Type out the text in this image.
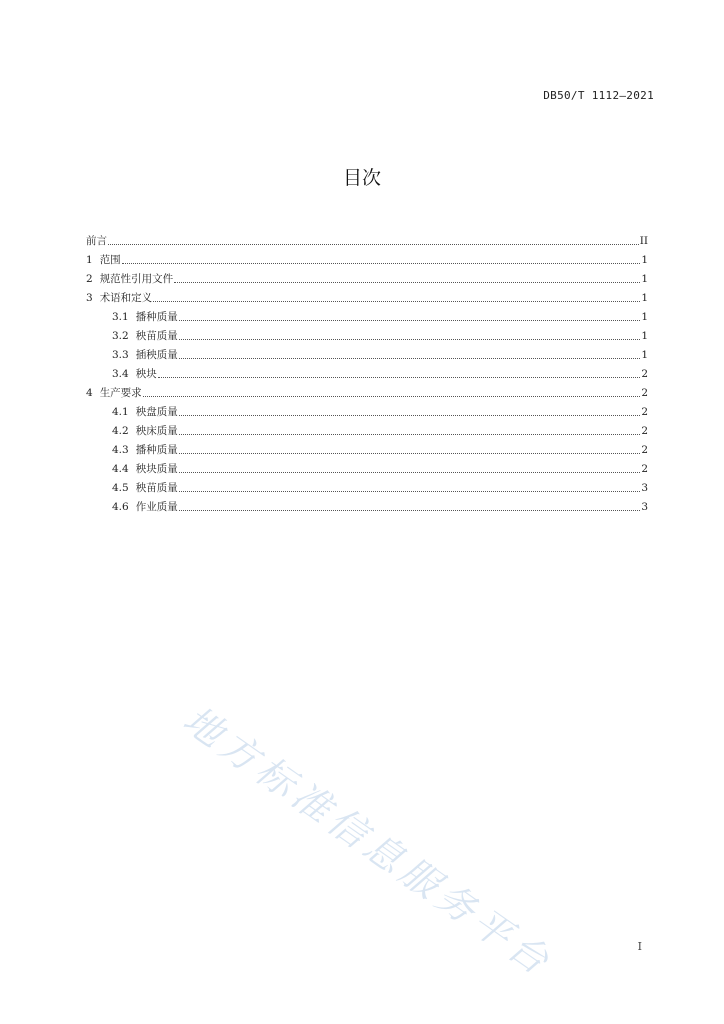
DB50/T 1112—2021
目次
前言	II
1 范围	1
2 规范性引用文件	1
3 术语和定义	1
3.1 播种质量	1
3.2 秧苗质量	1
3.3 插秧质量	1
3.4 秧块	2
4 生产要求	2
4.1 秧盘质量	2
4.2 秧床质量	2
4.3 播种质量	2
4.4 秧块质量	2
4.5 秧苗质量	3
4.6 作业质量	3
地方标准信息服务平台	I
